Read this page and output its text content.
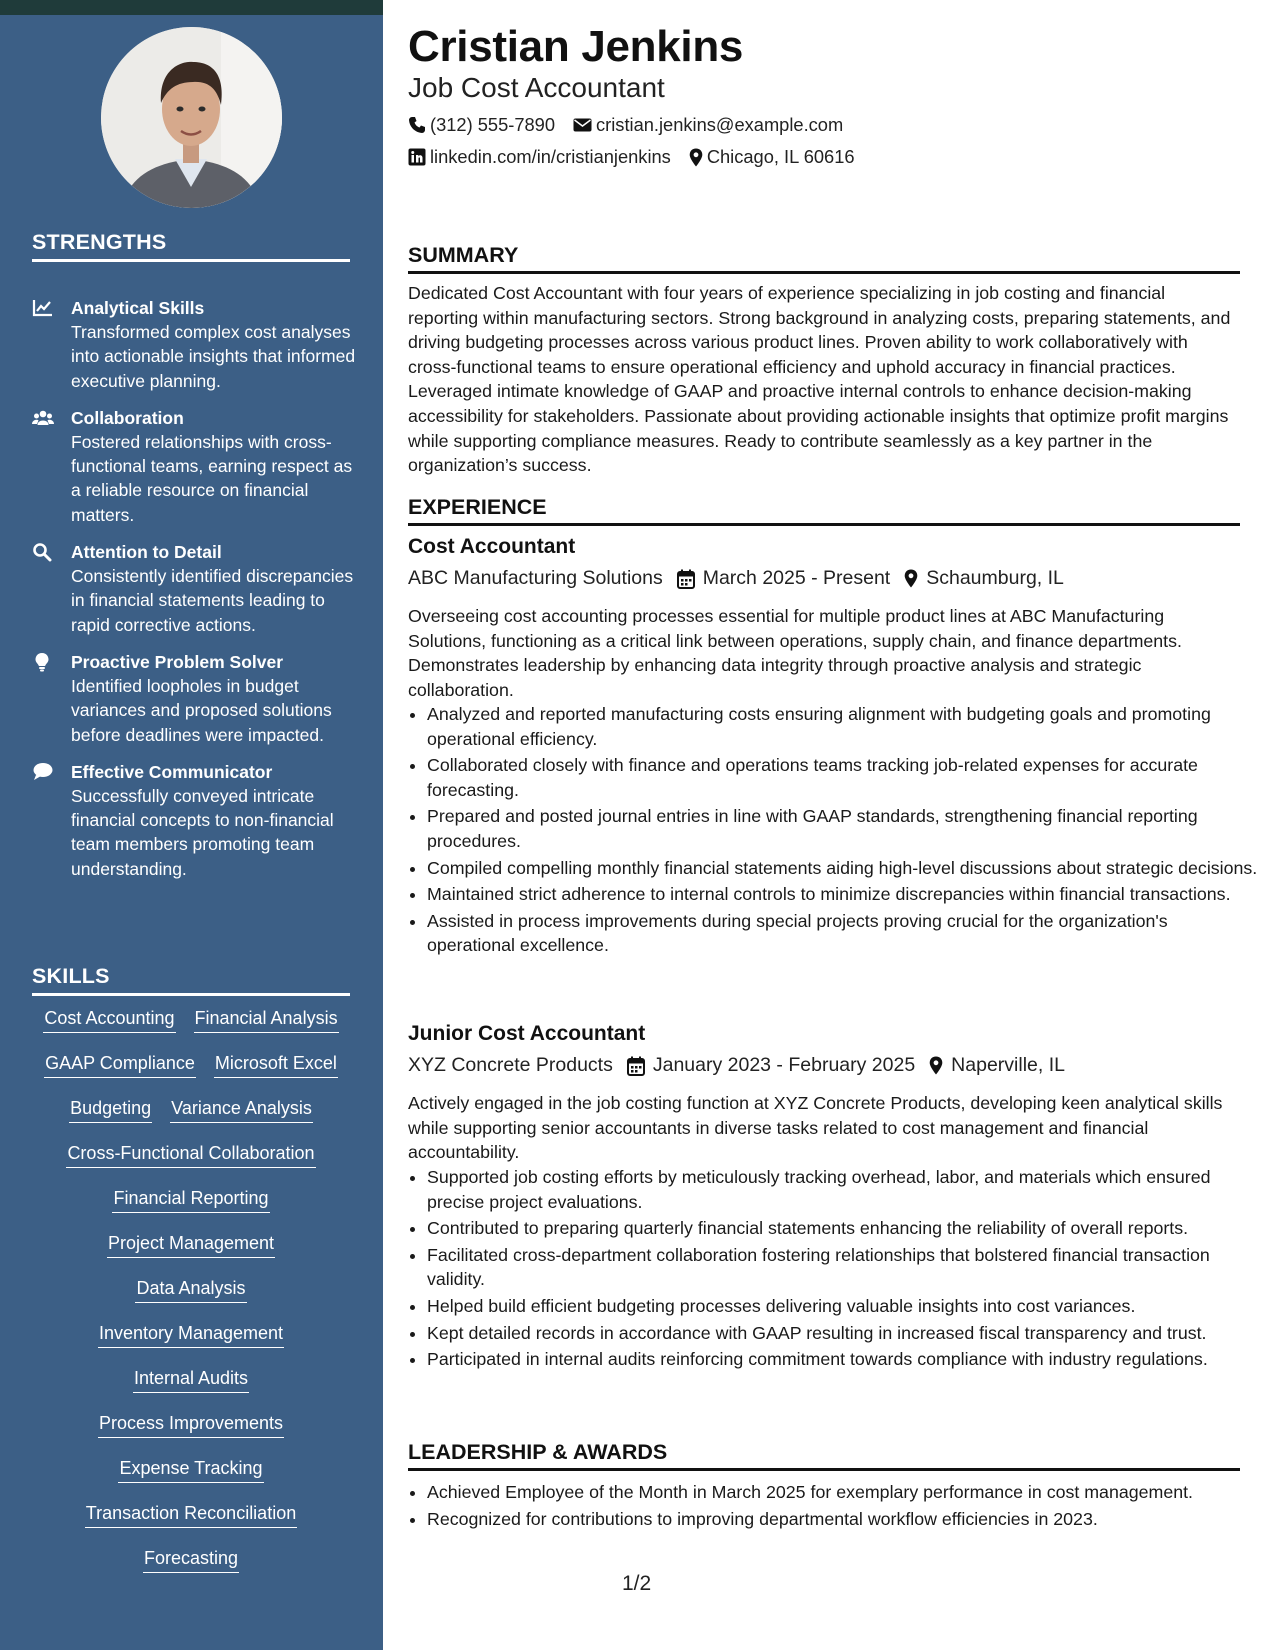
STRENGTHS
Analytical Skills
Transformed complex cost analyses into actionable insights that informed executive planning.
Collaboration
Fostered relationships with cross-functional teams, earning respect as a reliable resource on financial matters.
Attention to Detail
Consistently identified discrepancies in financial statements leading to rapid corrective actions.
Proactive Problem Solver
Identified loopholes in budget variances and proposed solutions before deadlines were impacted.
Effective Communicator
Successfully conveyed intricate financial concepts to non-financial team members promoting team understanding.
SKILLS
Cost Accounting Financial Analysis
GAAP Compliance Microsoft Excel
Budgeting Variance Analysis
Cross-Functional Collaboration
Financial Reporting
Project Management
Data Analysis
Inventory Management
Internal Audits
Process Improvements
Expense Tracking
Transaction Reconciliation
Forecasting
Cristian Jenkins
Job Cost Accountant
(312) 555-7890 cristian.jenkins@example.com
linkedin.com/in/cristianjenkins Chicago, IL 60616
SUMMARY
Dedicated Cost Accountant with four years of experience specializing in job costing and financial reporting within manufacturing sectors. Strong background in analyzing costs, preparing statements, and driving budgeting processes across various product lines. Proven ability to work collaboratively with cross-functional teams to ensure operational efficiency and uphold accuracy in financial practices. Leveraged intimate knowledge of GAAP and proactive internal controls to enhance decision-making accessibility for stakeholders. Passionate about providing actionable insights that optimize profit margins while supporting compliance measures. Ready to contribute seamlessly as a key partner in the organization’s success.
EXPERIENCE
Cost Accountant
ABC Manufacturing Solutions March 2025 - Present Schaumburg, IL
Overseeing cost accounting processes essential for multiple product lines at ABC Manufacturing Solutions, functioning as a critical link between operations, supply chain, and finance departments. Demonstrates leadership by enhancing data integrity through proactive analysis and strategic collaboration.
• Analyzed and reported manufacturing costs ensuring alignment with budgeting goals and promoting operational efficiency.
• Collaborated closely with finance and operations teams tracking job-related expenses for accurate forecasting.
• Prepared and posted journal entries in line with GAAP standards, strengthening financial reporting procedures.
• Compiled compelling monthly financial statements aiding high-level discussions about strategic decisions.
• Maintained strict adherence to internal controls to minimize discrepancies within financial transactions.
• Assisted in process improvements during special projects proving crucial for the organization's operational excellence.
Junior Cost Accountant
XYZ Concrete Products January 2023 - February 2025 Naperville, IL
Actively engaged in the job costing function at XYZ Concrete Products, developing keen analytical skills while supporting senior accountants in diverse tasks related to cost management and financial accountability.
• Supported job costing efforts by meticulously tracking overhead, labor, and materials which ensured precise project evaluations.
• Contributed to preparing quarterly financial statements enhancing the reliability of overall reports.
• Facilitated cross-department collaboration fostering relationships that bolstered financial transaction validity.
• Helped build efficient budgeting processes delivering valuable insights into cost variances.
• Kept detailed records in accordance with GAAP resulting in increased fiscal transparency and trust.
• Participated in internal audits reinforcing commitment towards compliance with industry regulations.
LEADERSHIP & AWARDS
• Achieved Employee of the Month in March 2025 for exemplary performance in cost management.
• Recognized for contributions to improving departmental workflow efficiencies in 2023.
1/2
